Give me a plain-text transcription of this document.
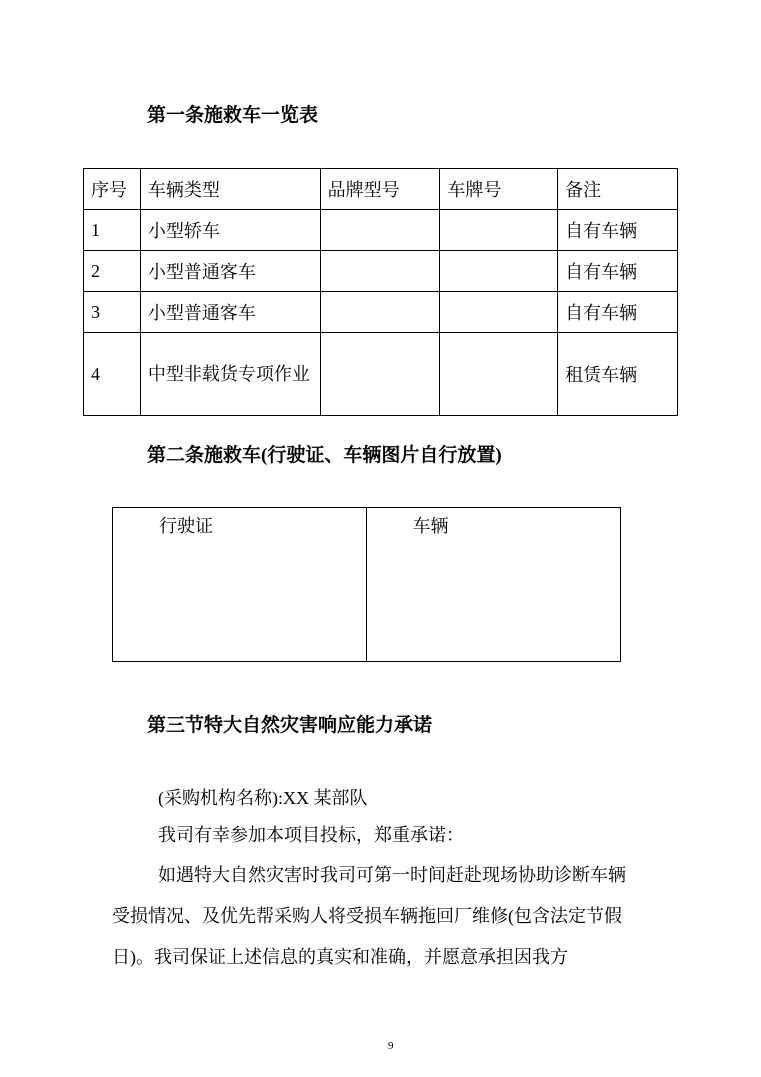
第一条施救车一览表
序号	车辆类型	品牌型号	车牌号	备注
1	小型轿车			自有车辆
2	小型普通客车			自有车辆
3	小型普通客车			自有车辆
4	中型非载货专项作业			租赁车辆
第二条施救车(行驶证、车辆图片自行放置)
行驶证	车辆
第三节特大自然灾害响应能力承诺
(采购机构名称):XX 某部队
我司有幸参加本项目投标，郑重承诺：
如遇特大自然灾害时我司可第一时间赶赴现场协助诊断车辆受损情况、及优先帮采购人将受损车辆拖回厂维修(包含法定节假日)。我司保证上述信息的真实和准确，并愿意承担因我方
9
